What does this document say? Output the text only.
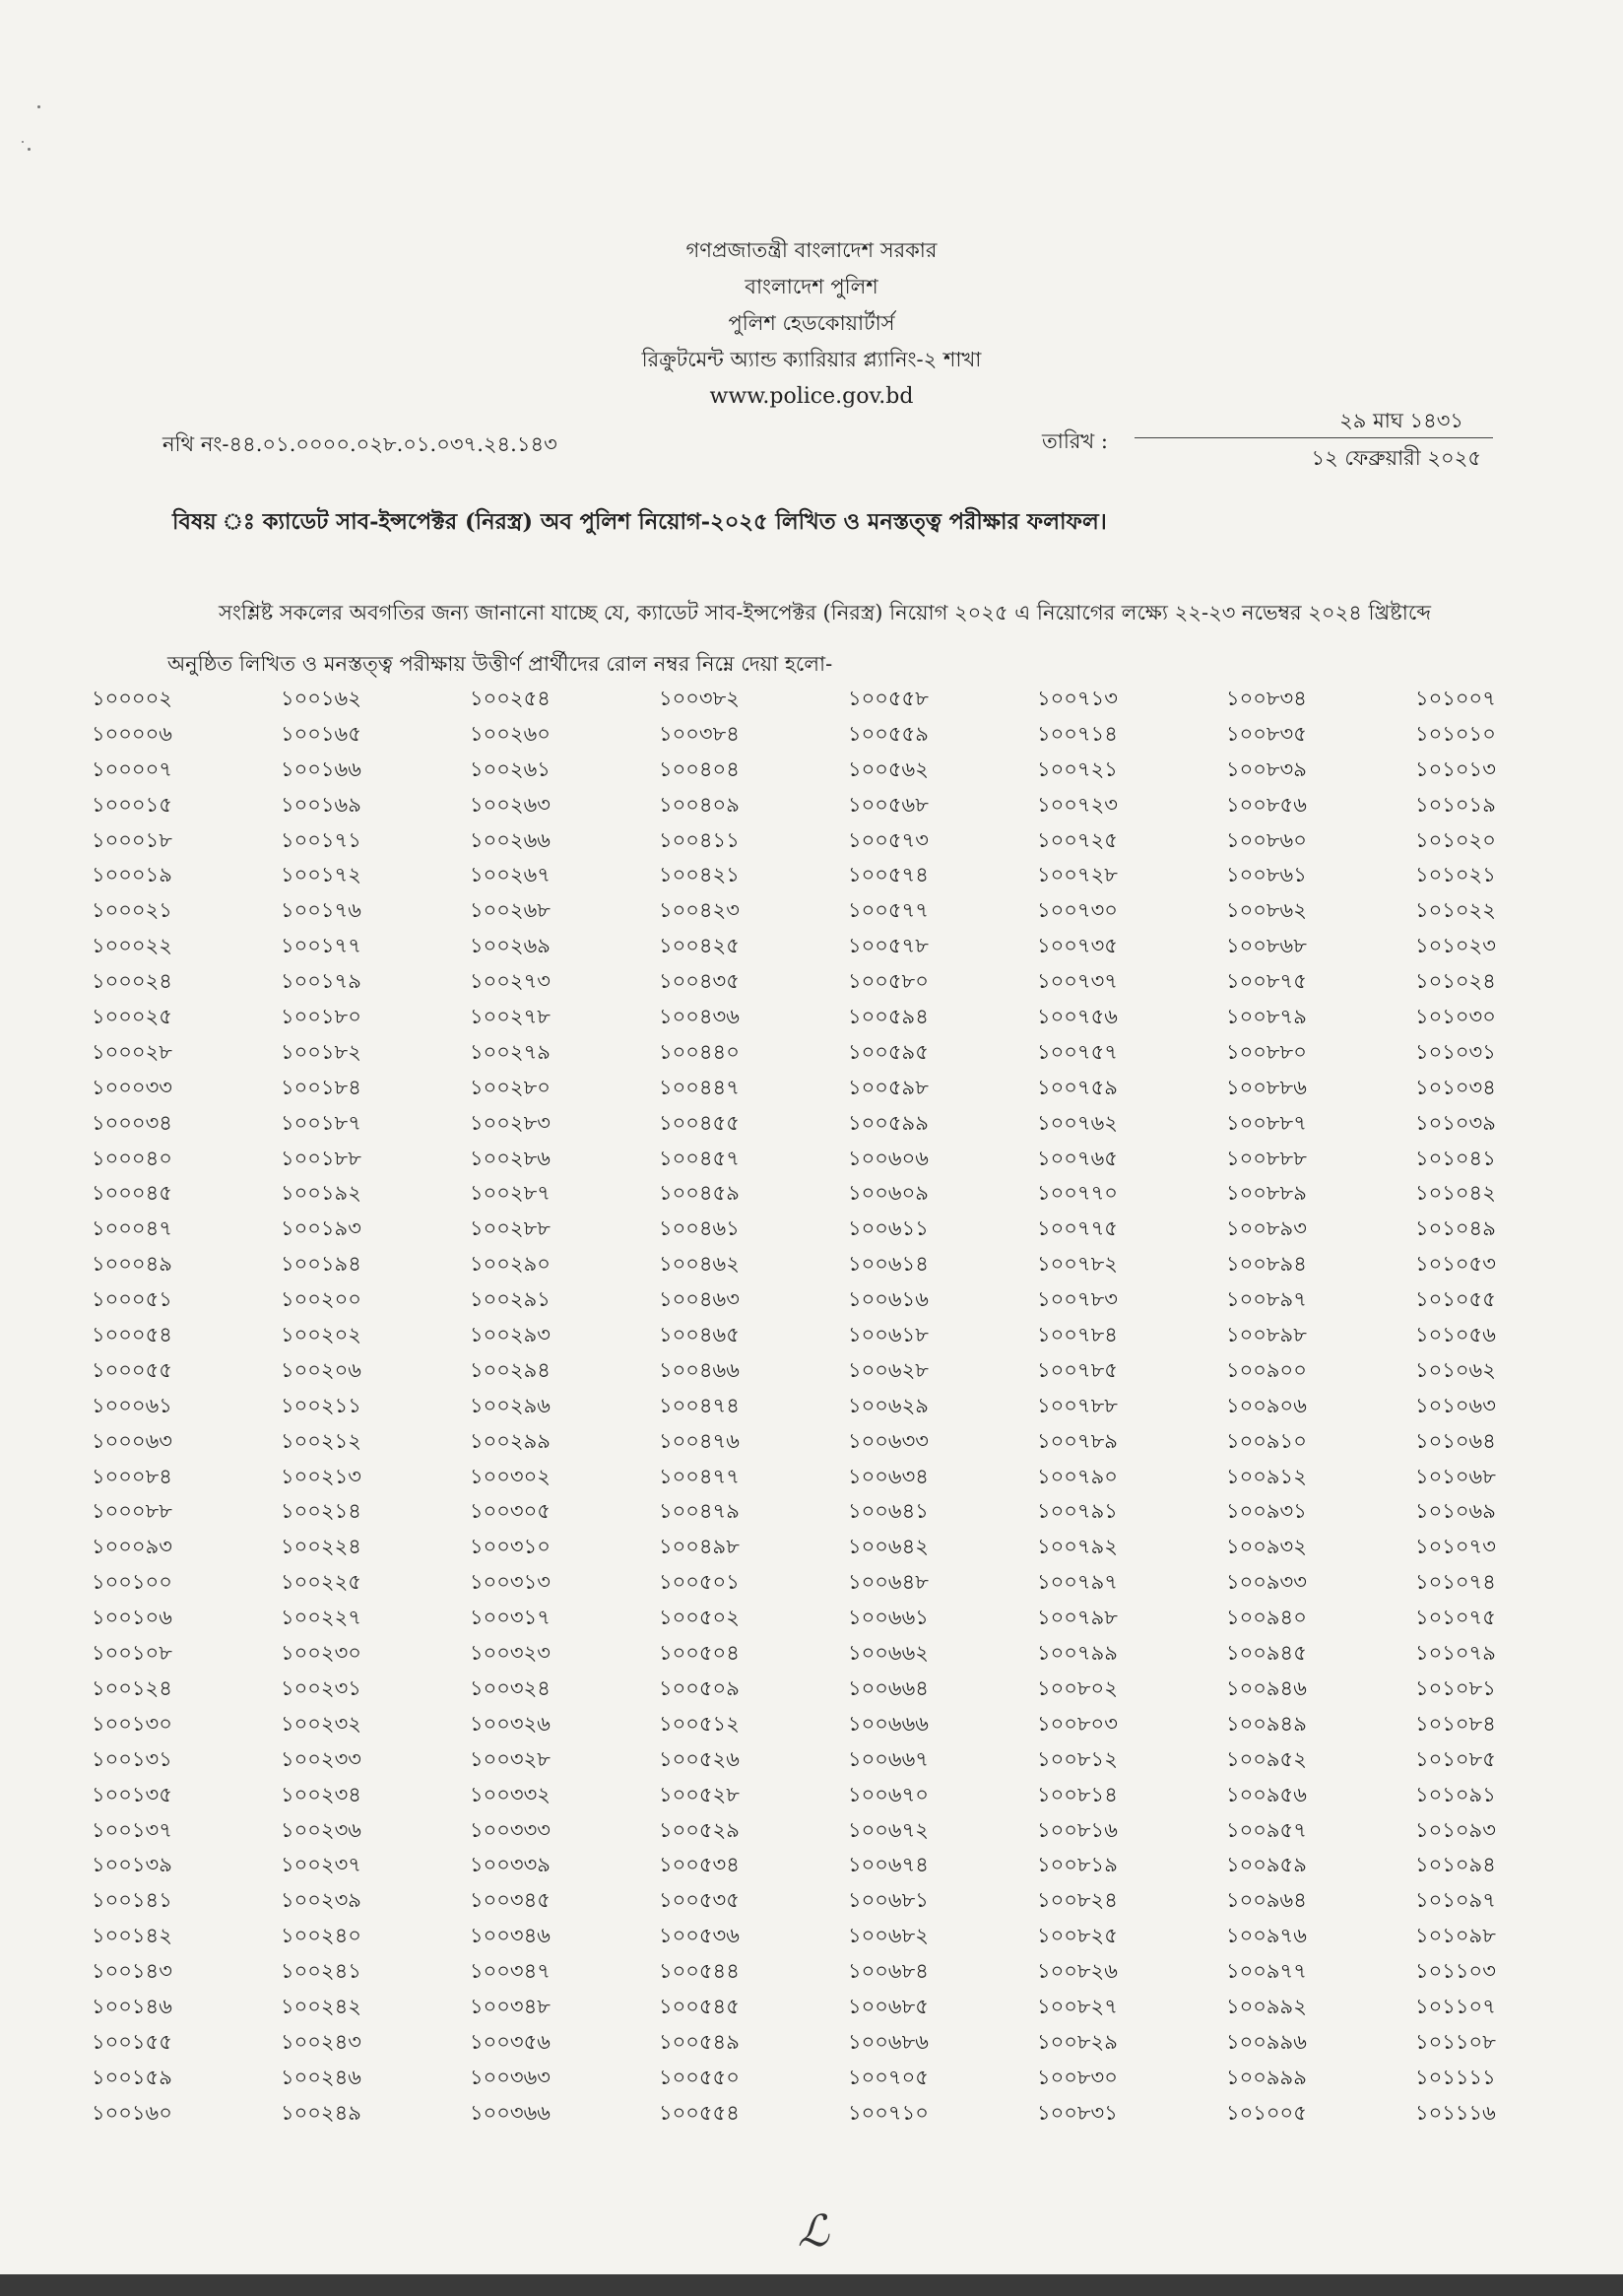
গণপ্রজাতন্ত্রী বাংলাদেশ সরকার
বাংলাদেশ পুলিশ
পুলিশ হেডকোয়ার্টার্স
রিক্রুটমেন্ট অ্যান্ড ক্যারিয়ার প্ল্যানিং-২ শাখা
www.police.gov.bd
নথি নং-৪৪.০১.০০০০.০২৮.০১.০৩৭.২৪.১৪৩	তারিখ :
২৯ মাঘ ১৪৩১
১২ ফেব্রুয়ারী ২০২৫
বিষয় ঃ ক্যাডেট সাব-ইন্সপেক্টর (নিরস্ত্র) অব পুলিশ নিয়োগ-২০২৫ লিখিত ও মনস্তত্ত্ব পরীক্ষার ফলাফল।
সংশ্লিষ্ট সকলের অবগতির জন্য জানানো যাচ্ছে যে, ক্যাডেট সাব-ইন্সপেক্টর (নিরস্ত্র) নিয়োগ ২০২৫ এ নিয়োগের লক্ষ্যে ২২-২৩ নভেম্বর ২০২৪ খ্রিষ্টাব্দে অনুষ্ঠিত লিখিত ও মনস্তত্ত্ব পরীক্ষায় উত্তীর্ণ প্রার্থীদের রোল নম্বর নিম্নে দেয়া হলো-
১০০০০২	১০০১৬২	১০০২৫৪	১০০৩৮২	১০০৫৫৮	১০০৭১৩	১০০৮৩৪	১০১০০৭
১০০০০৬	১০০১৬৫	১০০২৬০	১০০৩৮৪	১০০৫৫৯	১০০৭১৪	১০০৮৩৫	১০১০১০
১০০০০৭	১০০১৬৬	১০০২৬১	১০০৪০৪	১০০৫৬২	১০০৭২১	১০০৮৩৯	১০১০১৩
১০০০১৫	১০০১৬৯	১০০২৬৩	১০০৪০৯	১০০৫৬৮	১০০৭২৩	১০০৮৫৬	১০১০১৯
১০০০১৮	১০০১৭১	১০০২৬৬	১০০৪১১	১০০৫৭৩	১০০৭২৫	১০০৮৬০	১০১০২০
১০০০১৯	১০০১৭২	১০০২৬৭	১০০৪২১	১০০৫৭৪	১০০৭২৮	১০০৮৬১	১০১০২১
১০০০২১	১০০১৭৬	১০০২৬৮	১০০৪২৩	১০০৫৭৭	১০০৭৩০	১০০৮৬২	১০১০২২
১০০০২২	১০০১৭৭	১০০২৬৯	১০০৪২৫	১০০৫৭৮	১০০৭৩৫	১০০৮৬৮	১০১০২৩
১০০০২৪	১০০১৭৯	১০০২৭৩	১০০৪৩৫	১০০৫৮০	১০০৭৩৭	১০০৮৭৫	১০১০২৪
১০০০২৫	১০০১৮০	১০০২৭৮	১০০৪৩৬	১০০৫৯৪	১০০৭৫৬	১০০৮৭৯	১০১০৩০
১০০০২৮	১০০১৮২	১০০২৭৯	১০০৪৪০	১০০৫৯৫	১০০৭৫৭	১০০৮৮০	১০১০৩১
১০০০৩৩	১০০১৮৪	১০০২৮০	১০০৪৪৭	১০০৫৯৮	১০০৭৫৯	১০০৮৮৬	১০১০৩৪
১০০০৩৪	১০০১৮৭	১০০২৮৩	১০০৪৫৫	১০০৫৯৯	১০০৭৬২	১০০৮৮৭	১০১০৩৯
১০০০৪০	১০০১৮৮	১০০২৮৬	১০০৪৫৭	১০০৬০৬	১০০৭৬৫	১০০৮৮৮	১০১০৪১
১০০০৪৫	১০০১৯২	১০০২৮৭	১০০৪৫৯	১০০৬০৯	১০০৭৭০	১০০৮৮৯	১০১০৪২
১০০০৪৭	১০০১৯৩	১০০২৮৮	১০০৪৬১	১০০৬১১	১০০৭৭৫	১০০৮৯৩	১০১০৪৯
১০০০৪৯	১০০১৯৪	১০০২৯০	১০০৪৬২	১০০৬১৪	১০০৭৮২	১০০৮৯৪	১০১০৫৩
১০০০৫১	১০০২০০	১০০২৯১	১০০৪৬৩	১০০৬১৬	১০০৭৮৩	১০০৮৯৭	১০১০৫৫
১০০০৫৪	১০০২০২	১০০২৯৩	১০০৪৬৫	১০০৬১৮	১০০৭৮৪	১০০৮৯৮	১০১০৫৬
১০০০৫৫	১০০২০৬	১০০২৯৪	১০০৪৬৬	১০০৬২৮	১০০৭৮৫	১০০৯০০	১০১০৬২
১০০০৬১	১০০২১১	১০০২৯৬	১০০৪৭৪	১০০৬২৯	১০০৭৮৮	১০০৯০৬	১০১০৬৩
১০০০৬৩	১০০২১২	১০০২৯৯	১০০৪৭৬	১০০৬৩৩	১০০৭৮৯	১০০৯১০	১০১০৬৪
১০০০৮৪	১০০২১৩	১০০৩০২	১০০৪৭৭	১০০৬৩৪	১০০৭৯০	১০০৯১২	১০১০৬৮
১০০০৮৮	১০০২১৪	১০০৩০৫	১০০৪৭৯	১০০৬৪১	১০০৭৯১	১০০৯৩১	১০১০৬৯
১০০০৯৩	১০০২২৪	১০০৩১০	১০০৪৯৮	১০০৬৪২	১০০৭৯২	১০০৯৩২	১০১০৭৩
১০০১০০	১০০২২৫	১০০৩১৩	১০০৫০১	১০০৬৪৮	১০০৭৯৭	১০০৯৩৩	১০১০৭৪
১০০১০৬	১০০২২৭	১০০৩১৭	১০০৫০২	১০০৬৬১	১০০৭৯৮	১০০৯৪০	১০১০৭৫
১০০১০৮	১০০২৩০	১০০৩২৩	১০০৫০৪	১০০৬৬২	১০০৭৯৯	১০০৯৪৫	১০১০৭৯
১০০১২৪	১০০২৩১	১০০৩২৪	১০০৫০৯	১০০৬৬৪	১০০৮০২	১০০৯৪৬	১০১০৮১
১০০১৩০	১০০২৩২	১০০৩২৬	১০০৫১২	১০০৬৬৬	১০০৮০৩	১০০৯৪৯	১০১০৮৪
১০০১৩১	১০০২৩৩	১০০৩২৮	১০০৫২৬	১০০৬৬৭	১০০৮১২	১০০৯৫২	১০১০৮৫
১০০১৩৫	১০০২৩৪	১০০৩৩২	১০০৫২৮	১০০৬৭০	১০০৮১৪	১০০৯৫৬	১০১০৯১
১০০১৩৭	১০০২৩৬	১০০৩৩৩	১০০৫২৯	১০০৬৭২	১০০৮১৬	১০০৯৫৭	১০১০৯৩
১০০১৩৯	১০০২৩৭	১০০৩৩৯	১০০৫৩৪	১০০৬৭৪	১০০৮১৯	১০০৯৫৯	১০১০৯৪
১০০১৪১	১০০২৩৯	১০০৩৪৫	১০০৫৩৫	১০০৬৮১	১০০৮২৪	১০০৯৬৪	১০১০৯৭
১০০১৪২	১০০২৪০	১০০৩৪৬	১০০৫৩৬	১০০৬৮২	১০০৮২৫	১০০৯৭৬	১০১০৯৮
১০০১৪৩	১০০২৪১	১০০৩৪৭	১০০৫৪৪	১০০৬৮৪	১০০৮২৬	১০০৯৭৭	১০১১০৩
১০০১৪৬	১০০২৪২	১০০৩৪৮	১০০৫৪৫	১০০৬৮৫	১০০৮২৭	১০০৯৯২	১০১১০৭
১০০১৫৫	১০০২৪৩	১০০৩৫৬	১০০৫৪৯	১০০৬৮৬	১০০৮২৯	১০০৯৯৬	১০১১০৮
১০০১৫৯	১০০২৪৬	১০০৩৬৩	১০০৫৫০	১০০৭০৫	১০০৮৩০	১০০৯৯৯	১০১১১১
১০০১৬০	১০০২৪৯	১০০৩৬৬	১০০৫৫৪	১০০৭১০	১০০৮৩১	১০১০০৫	১০১১১৬
ℒ
